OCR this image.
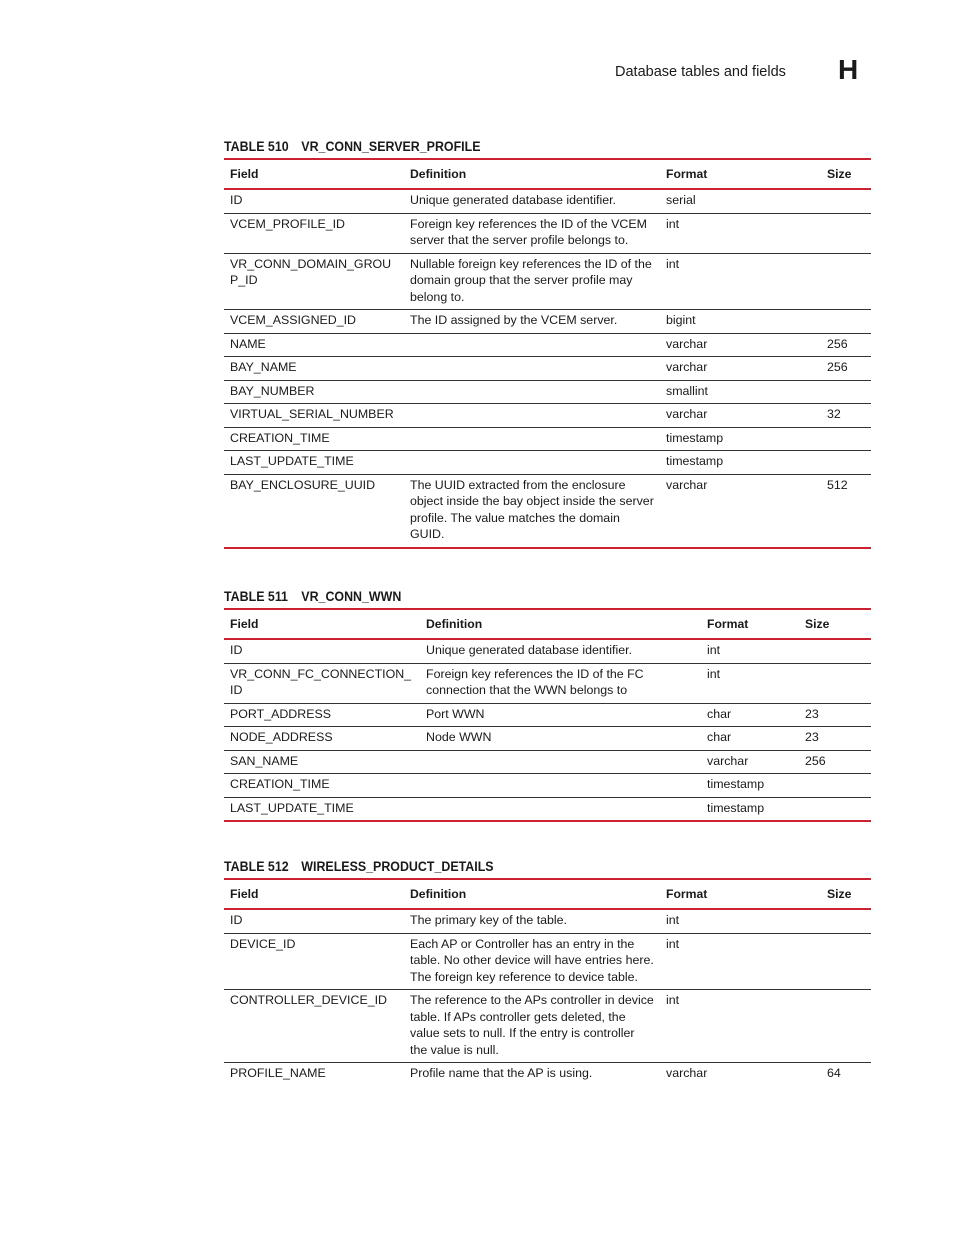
Database tables and fields H
TABLE 510 VR_CONN_SERVER_PROFILE
Field	Definition	Format	Size
ID	Unique generated database identifier.	serial	
VCEM_PROFILE_ID	Foreign key references the ID of the VCEM server that the server profile belongs to.	int	
VR_CONN_DOMAIN_GROUP_ID	Nullable foreign key references the ID of the domain group that the server profile may belong to.	int	
VCEM_ASSIGNED_ID	The ID assigned by the VCEM server.	bigint	
NAME		varchar	256
BAY_NAME		varchar	256
BAY_NUMBER		smallint	
VIRTUAL_SERIAL_NUMBER		varchar	32
CREATION_TIME		timestamp	
LAST_UPDATE_TIME		timestamp	
BAY_ENCLOSURE_UUID	The UUID extracted from the enclosure object inside the bay object inside the server profile. The value matches the domain GUID.	varchar	512
TABLE 511 VR_CONN_WWN
Field	Definition	Format	Size
ID	Unique generated database identifier.	int	
VR_CONN_FC_CONNECTION_ID	Foreign key references the ID of the FC connection that the WWN belongs to	int	
PORT_ADDRESS	Port WWN	char	23
NODE_ADDRESS	Node WWN	char	23
SAN_NAME		varchar	256
CREATION_TIME		timestamp	
LAST_UPDATE_TIME		timestamp	
TABLE 512 WIRELESS_PRODUCT_DETAILS
Field	Definition	Format	Size
ID	The primary key of the table.	int	
DEVICE_ID	Each AP or Controller has an entry in the table. No other device will have entries here. The foreign key reference to device table.	int	
CONTROLLER_DEVICE_ID	The reference to the APs controller in device table. If APs controller gets deleted, the value sets to null. If the entry is controller the value is null.	int	
PROFILE_NAME	Profile name that the AP is using.	varchar	64
